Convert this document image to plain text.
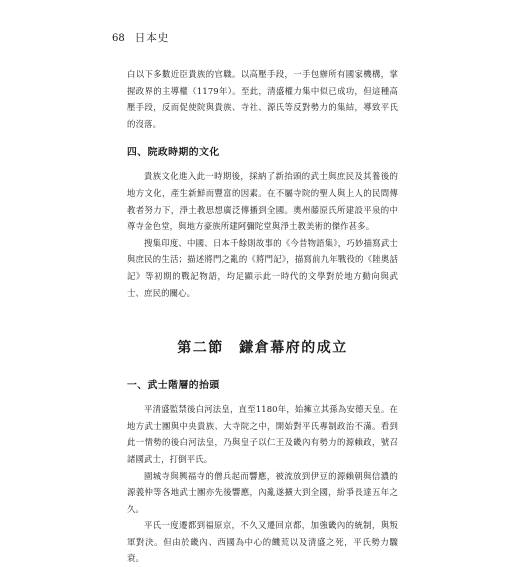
68 日本史

白以下多數近臣貴族的官職。以高壓手段，一手包辦所有國家機構，掌握政界的主導權（1179年）。至此，清盛權力集中似已成功，但這種高壓手段，反而促使院與貴族、寺社、源氏等反對勢力的集結，導致平氏的沒落。

四、院政時期的文化

貴族文化進入此一時期後，採納了新抬頭的武士與庶民及其養後的地方文化，產生新鮮而豐富的因素。在不屬寺院的聖人與上人的民間傳教者努力下，淨土教思想廣泛傳播到全國。奧州藤原氏所建設平泉的中尊寺金色堂，與地方豪族所建阿彌陀堂與淨土教美術的傑作甚多。

搜集印度、中國、日本千餘則故事的《今昔物語集》，巧妙描寫武士與庶民的生活；描述將門之亂的《將門記》，描寫前九年戰役的《陸奧話記》等初期的戰記物語，均足顯示此一時代的文學對於地方動向與武士、庶民的關心。

第二節　鎌倉幕府的成立
一、武士階層的抬頭

平清盛監禁後白河法皇，直至1180年，始擁立其孫為安德天皇。在地方武士團與中央貴族、大寺院之中，開始對平氏專制政治不滿。看到此一情勢的後白河法皇，乃與皇子以仁王及畿內有勢力的源賴政，號召諸國武士，打倒平氏。

園城寺與興福寺的僧兵起而響應，被流放到伊豆的源賴朝與信濃的源義仲等各地武士團亦先後響應，內亂遂擴大到全國，紛爭長達五年之久。

平氏一度遷都到福原京，不久又遷回京都，加強畿內的統制，與叛軍對決。但由於畿內、西國為中心的饑荒以及清盛之死，平氏勢力驟衰。
